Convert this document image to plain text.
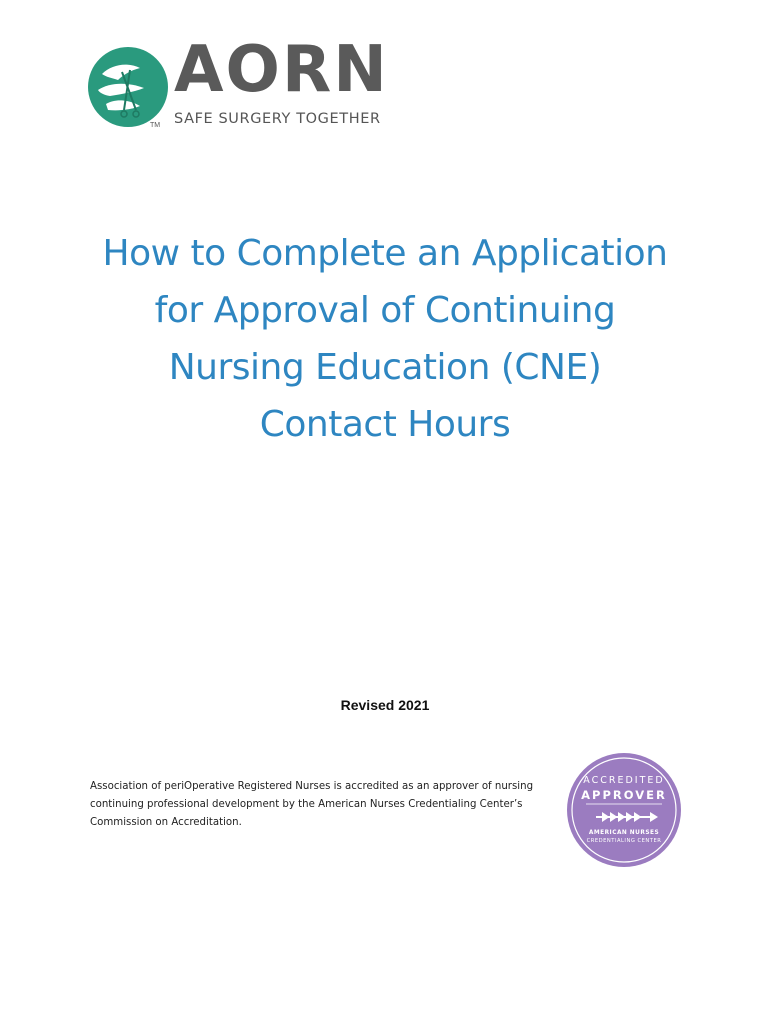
AORN
SAFE SURGERY TOGETHER
TM
How to Complete an Application
for Approval of Continuing
Nursing Education (CNE)
Contact Hours
Revised 2021
Association of periOperative Registered Nurses is accredited as an approver of nursing continuing professional development by the American Nurses Credentialing Center’s Commission on Accreditation.
ACCREDITED
APPROVER
AMERICAN NURSES
CREDENTIALING CENTER
